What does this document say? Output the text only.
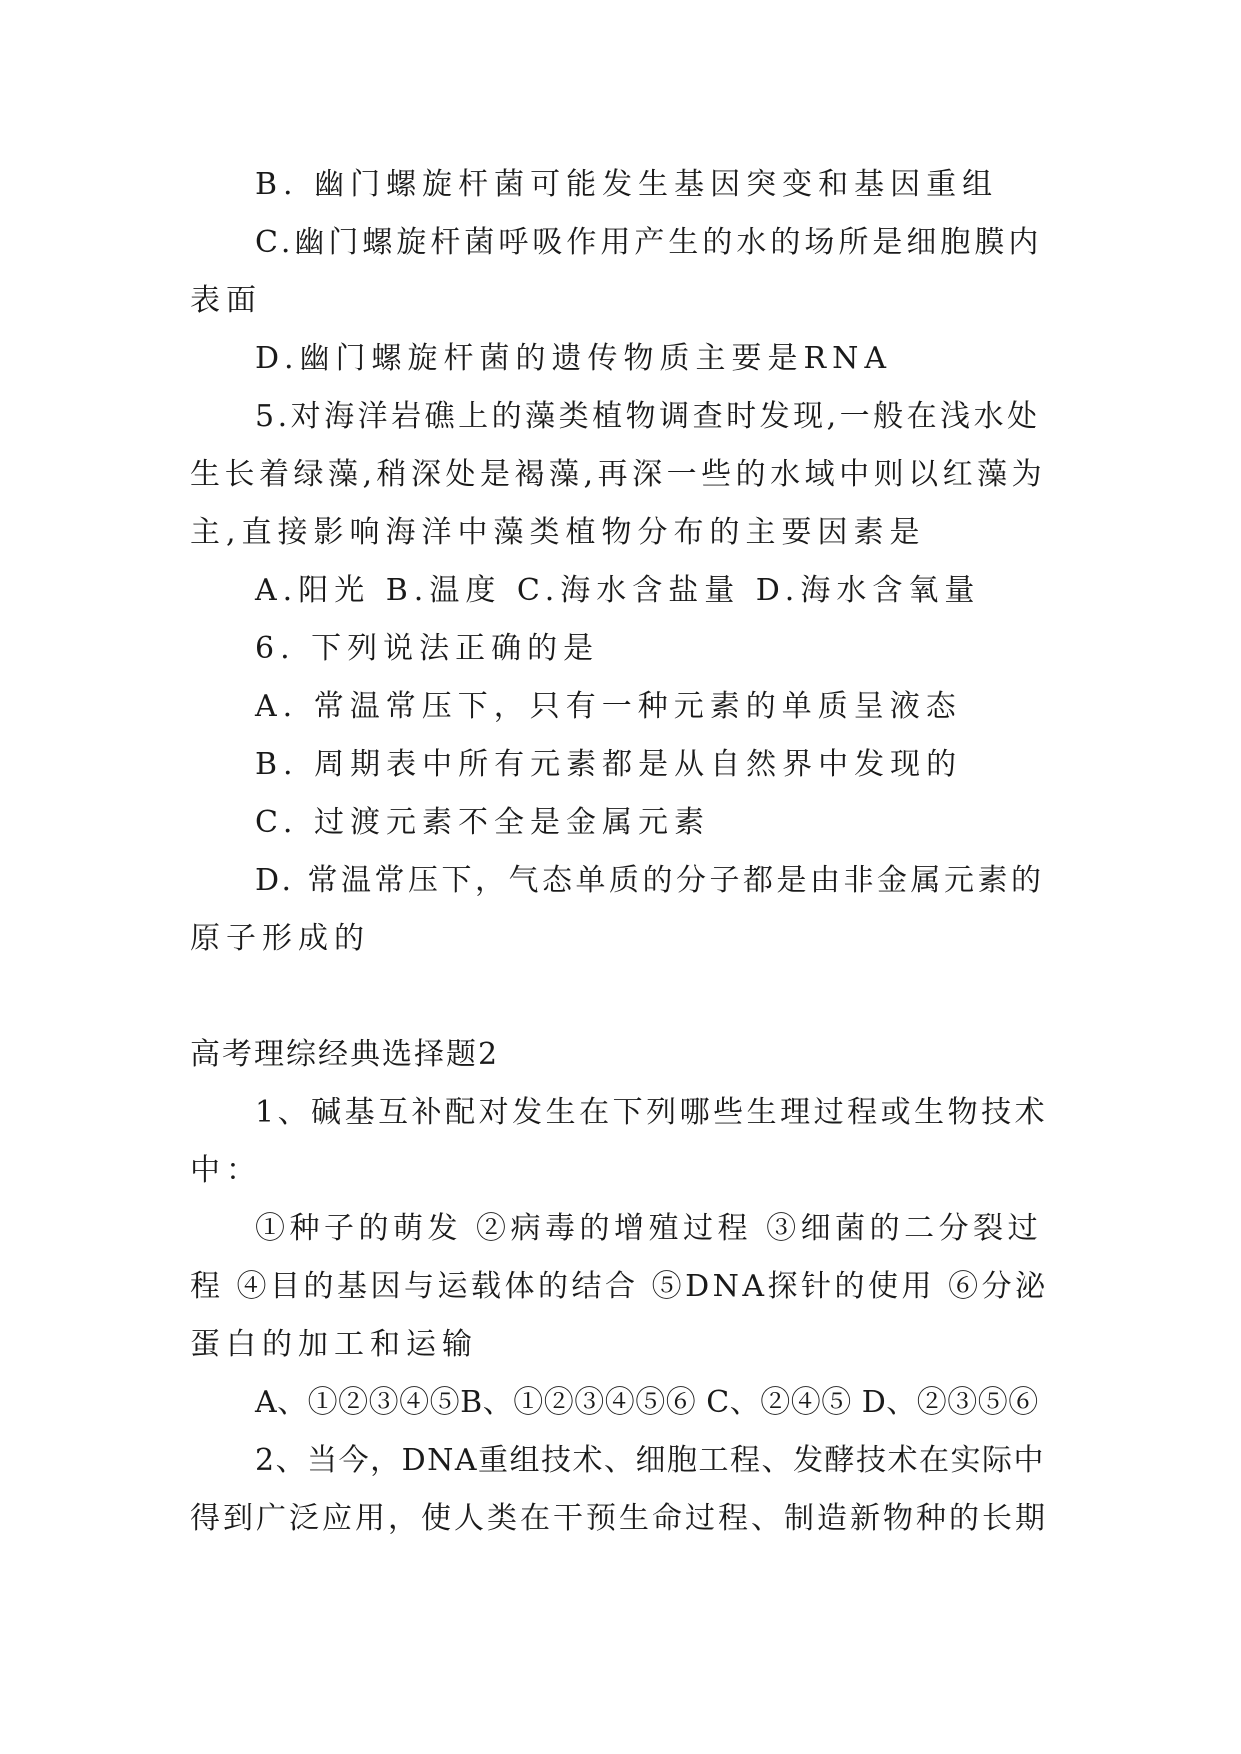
B. 幽门螺旋杆菌可能发生基因突变和基因重组
C.幽门螺旋杆菌呼吸作用产生的水的场所是细胞膜内
表面
D.幽门螺旋杆菌的遗传物质主要是RNA
5.对海洋岩礁上的藻类植物调查时发现,一般在浅水处
生长着绿藻,稍深处是褐藻,再深一些的水域中则以红藻为
主,直接影响海洋中藻类植物分布的主要因素是
A.阳光 B.温度 C.海水含盐量 D.海水含氧量
6. 下列说法正确的是
A. 常温常压下，只有一种元素的单质呈液态
B. 周期表中所有元素都是从自然界中发现的
C. 过渡元素不全是金属元素
D. 常温常压下，气态单质的分子都是由非金属元素的
原子形成的
高考理综经典选择题2
1、碱基互补配对发生在下列哪些生理过程或生物技术
中：
①种子的萌发 ②病毒的增殖过程 ③细菌的二分裂过
程 ④目的基因与运载体的结合 ⑤DNA探针的使用 ⑥分泌
蛋白的加工和运输
A、①②③④⑤B、①②③④⑤⑥ C、②④⑤ D、②③⑤⑥
2、当今，DNA重组技术、细胞工程、发酵技术在实际中
得到广泛应用，使人类在干预生命过程、制造新物种的长期
